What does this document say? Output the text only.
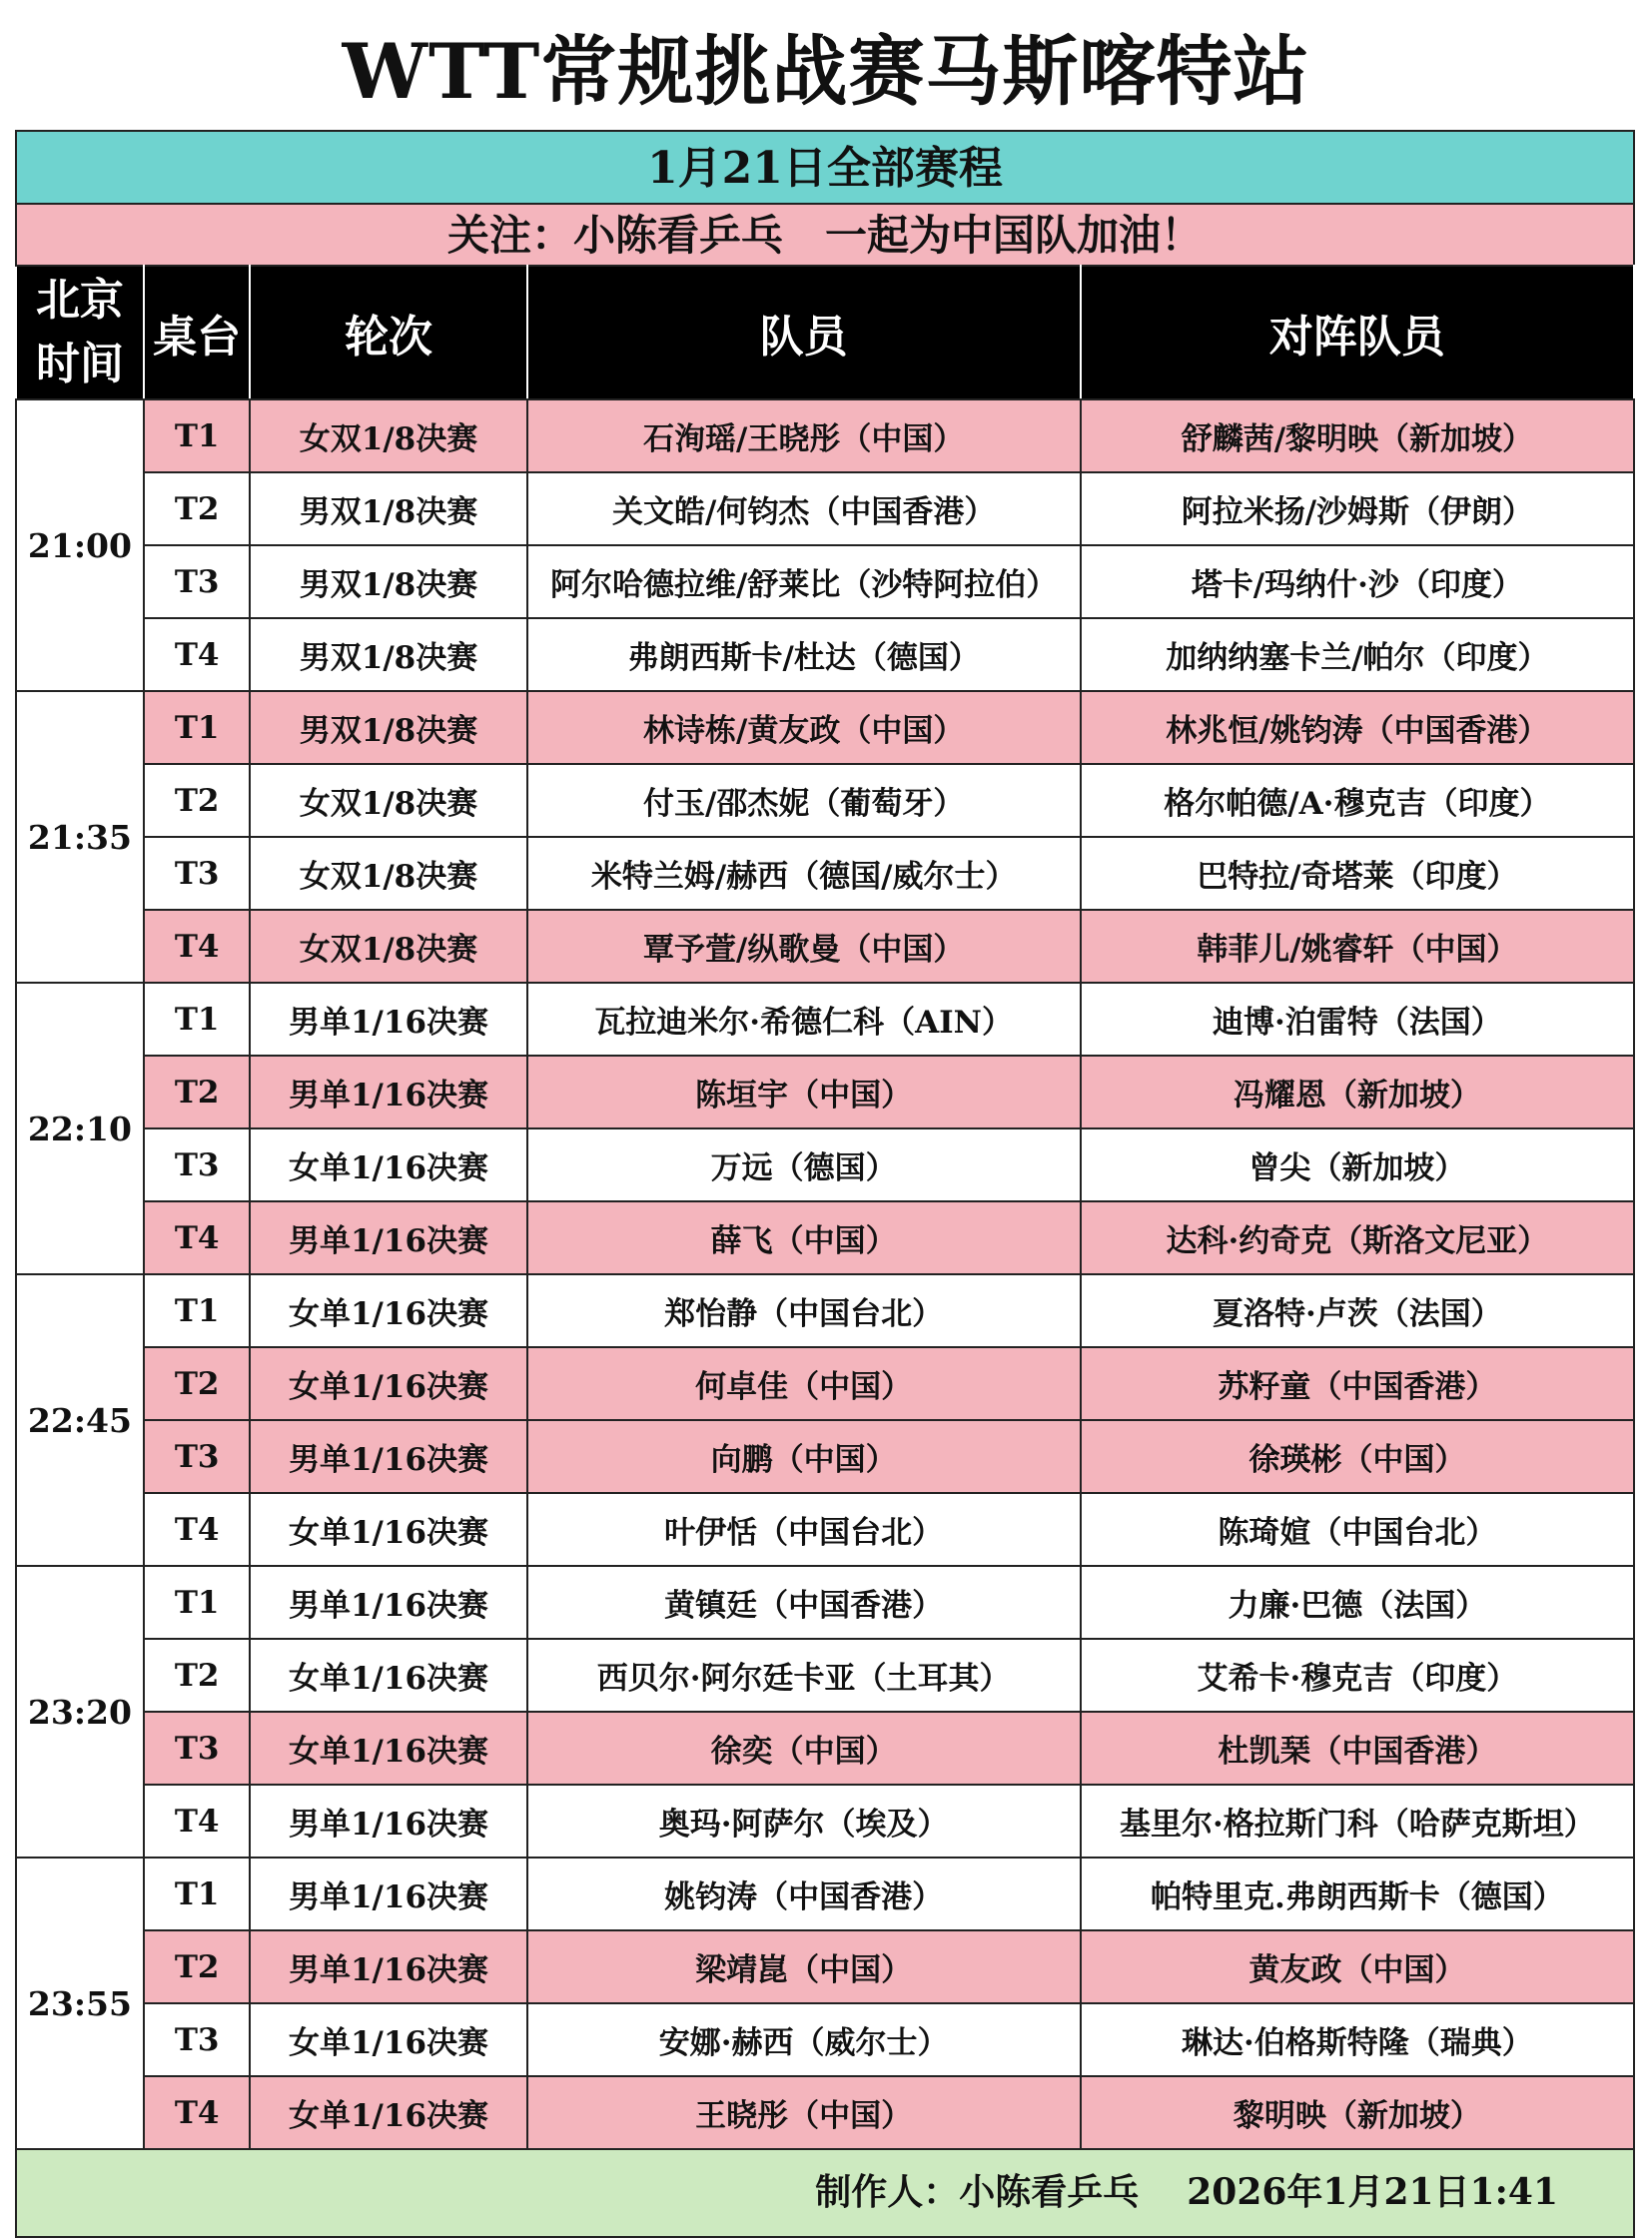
WTT常规挑战赛马斯喀特站
1月21日全部赛程
关注：小陈看乒乓　一起为中国队加油！
北京
时间	桌台	轮次	队员	对阵队员
21:00	T1	女双1/8决赛	石洵瑶/王晓彤（中国）	舒麟茜/黎明映（新加坡）
	T2	男双1/8决赛	关文皓/何钧杰（中国香港）	阿拉米扬/沙姆斯（伊朗）
	T3	男双1/8决赛	阿尔哈德拉维/舒莱比（沙特阿拉伯）	塔卡/玛纳什·沙（印度）
	T4	男双1/8决赛	弗朗西斯卡/杜达（德国）	加纳纳塞卡兰/帕尔（印度）
21:35	T1	男双1/8决赛	林诗栋/黄友政（中国）	林兆恒/姚钧涛（中国香港）
	T2	女双1/8决赛	付玉/邵杰妮（葡萄牙）	格尔帕德/A·穆克吉（印度）
	T3	女双1/8决赛	米特兰姆/赫西（德国/威尔士）	巴特拉/奇塔莱（印度）
	T4	女双1/8决赛	覃予萱/纵歌曼（中国）	韩菲儿/姚睿轩（中国）
22:10	T1	男单1/16决赛	瓦拉迪米尔·希德仁科（AIN）	迪博·泊雷特（法国）
	T2	男单1/16决赛	陈垣宇（中国）	冯耀恩（新加坡）
	T3	女单1/16决赛	万远（德国）	曾尖（新加坡）
	T4	男单1/16决赛	薛飞（中国）	达科·约奇克（斯洛文尼亚）
22:45	T1	女单1/16决赛	郑怡静（中国台北）	夏洛特·卢茨（法国）
	T2	女单1/16决赛	何卓佳（中国）	苏籽童（中国香港）
	T3	男单1/16决赛	向鹏（中国）	徐瑛彬（中国）
	T4	女单1/16决赛	叶伊恬（中国台北）	陈琦媗（中国台北）
23:20	T1	男单1/16决赛	黄镇廷（中国香港）	力廉·巴德（法国）
	T2	女单1/16决赛	西贝尔·阿尔廷卡亚（土耳其）	艾希卡·穆克吉（印度）
	T3	女单1/16决赛	徐奕（中国）	杜凯琹（中国香港）
	T4	男单1/16决赛	奥玛·阿萨尔（埃及）	基里尔·格拉斯门科（哈萨克斯坦）
23:55	T1	男单1/16决赛	姚钧涛（中国香港）	帕特里克.弗朗西斯卡（德国）
	T2	男单1/16决赛	梁靖崑（中国）	黄友政（中国）
	T3	女单1/16决赛	安娜·赫西（威尔士）	琳达·伯格斯特隆（瑞典）
	T4	女单1/16决赛	王晓彤（中国）	黎明映（新加坡）
制作人：小陈看乒乓 2026年1月21日1:41
